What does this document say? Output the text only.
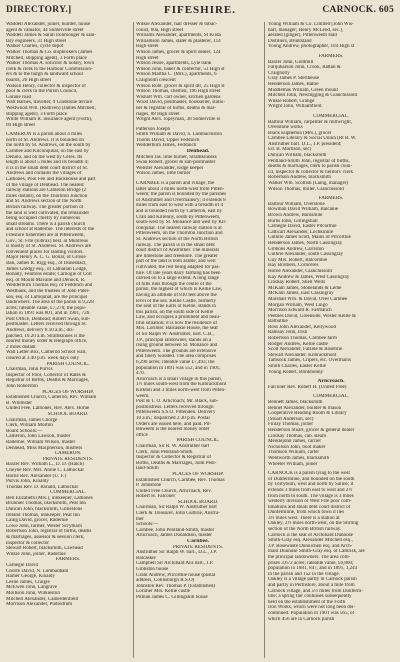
DIRECTORY.]	FIFESHIRE.	CARNOCK. 605
Waddell Alexander, joiner, builder, house
agent & valuator, 44 Somerville street
Waddell James & Sarah ironmonger & sani-
tary engineers, 31 High street
Walker Charles, cycle depot
Walker Thomas & Co. shipbrokers (James
Mitchell, shipping agent), 3 Forth place
Walker Thomas A. solicitor & notary, town
clerk & clerk to the Harbour Commission-
ers & to the burgh & landward school
boards, 26 High street
Watson Henry, collector & inspector of
poor & clerk to the Parish Council,
Garane road
Watt Barnes, traveller, 9 Gladstone terrace
Westwood Wm. (Ruthven) (James Mitchell,
shipping agent), 3 Forth place
White William R. insurance agent (Forth),
69 High street
CAMERON is a parish about 4 miles
north of St. Andrews. It is bounded on
the north by St. Andrews, on the south by
Carnbee and Kilconquhar, on the east by
Denino, and on the west by Ceres. Its
length is about 5 miles and its breadth 4;
it is in the small debt court district of St.
Andrews and contains the villages of
Lathones, Pool Fen and Backhouse and part
of the village of Denhead. The nearest
railway stations are Cameron Bridge (2
miles distant), on the Thornton Junction
and St. Andrews section of the North
British railway. The greater portion of
the land is well cultivated, the remainder
being occupied chiefly by numerous
small streams. There is a parish church
and school at Radernie. The interests of the
Fifeshire fishermen are at Pittenweem,
Gov., St. Fife (Eibrax) best. at Muntreus
is mostly of St. Andrews. St. Andrews are
convenient places for landing visitors.
Major Henry A. C. G. Bonar, of Grosie
stan, James R. Rigg esq., of Dunesnact,
James Gredgy esq., of Lathallan Lodge,
Bonally, Fenitons estate; Carnogie of Coll
esq. of Mould Mavalle and Denock, R.
Wedderburn Thomas esq. of Feddinch and
Westbank, and the trustees of John Pater-
son, esq. of Lumquhat, are the principal
landowners. The area of the parish is 9,228
acres; rateable value, £7,278; the popu-
lation in 1891 was 801, and in 1901, 726.
Post Office, Denhead; Robert Swan, sub-
postmaster. Letters received through St.
Andrews, delivery 8.10 a.m.; dis-
patched, 10.20 a.m. Strathkinnes is the
nearest money order & telegraph office,
2 miles distant
Wall Letter Box, Cameron School wall,
cleared at 3.40 p.m. week days only
PARISH COUNCIL.
Chairman, John Purvis
Inspector of Poor, Collector of Rates &
Registrar of Births, Deaths & Marriages,
John Roberston
PLACES OF WORSHIP.
Established Church, Cameron, Rev. William
B. Whimster
United Free, Lathones, Rev. Alex. Horne
SCHOOL BOARD.
Chairman, James Chorge
Clerk, William Morton
Board Schools:—
Cameron, John Lawson, master
Radernie, William Wilson, master
Denhead, Miss Macpherson, mistress
CAMERON.
PRIVATE RESIDENTS.
Baxter Rev. William L., D. D. (Hatch)
Cheyne Rev. Mrs. Annie C. Lathockar
Horne Rev. Alexander (U. F.)
Purvis John, Kinaldy
Thomas Rev. D. Ronald, Lathockar
COMMERCIAL.
Bell Elizabeth (Mrs.), innkeeper, Lathones
Brunnier Thomas, blacksmith, Peat Inn
Duncan John, blacksmith, Gilliestons
Ireland Thomas, innkeeper, Peat Inn
Laing David, grocer, Radernie
Lowe John, farmer, Wester Scrytharn
Robertson John, registrar of births, deaths
& marriages, assessor & session clerk,
inspector & collector
Stewart Robert, blacksmith, Lawhead
Wilkie John, joiner, Radernie
FARMERS.
Carnegie David
Chorre David, N. Lumbadham
Hamer George, Kinaldy
Leslie James, Craigie
McEwen John, Langrave
Mollison John, Wilkieston
Mitchell Alexander, Camerdenfield
Morrison Alexander, Pudlodrum
Wilkie Alexander, hair dresser & tobac-
conist, 60a, High street
Williams Alexander, apartments, St Kilda
Williamson James, slater & plasterer, 114
High street
Wilson James, grocer & spirit dealer, 124
High street
Wilson Jessie, apartments, Lyle bank
Wilson John, baker & confector, 53 High st
Wilson Martha C. (Mrs.), apartments, 6
Craigholm crescent
Wilson Robt. grocer & spirit dlr, 25 High st
Wilson Thomas, chemist, 106 High street
Wishart Wm. cart owner, kitchen gardens
Wood David, postmaster, bookseller, statio-
ner & registrar of births, deaths & mar-
riages, 88 High street
Wright Alex. ropeyman, 38 Somerville st
Patterson Joseph
Smith William & David, S. Lumbachiston
Thoms David, Upper Feddinch
Wedderburn James, Feddinch
Denhead.
Mitchell Jas. lime burner, Strathkinness
Swan Robert, grocer & sub-postmaster
Webster Alexander, lodge keeper
Wilson James, lime burner
CARNBEE is a parish and village, the
latter about 3 miles north-west from Pitten-
weem; the parish is bounded by the parishes
of Anstruther and Overmainsry; it extends 8
miles from east to west with a breadth of 4
and is bounded north by Cameron, east by
Crail and Kilrenny, south by Pittenweem,
south-west by St. Monance and west by Kil-
conquhar. The nearest railway station is at
Pittenweem, on the Thornton Junction and
St. Andrews section of the North British
railway. The parish is in the small debt
court district of Anstruther. The minerals
are limestone and freestone. The greater
part of the land is both arable, and well
cultivated, the rest being adapted for pas-
ture. Of late years dairy farming has been
carried on to a large extent. A long range
of hills runs through the centre of the
parish, the highest of which is Kellie Law,
having an altitude of 810 feet above the
level of the sea. Kellie Castle, formerly
the seat of the Earls of Kellie, stands in
this parish, on the south side of Kellie
Law, and occupies a prominent and beau-
tiful situation; it is now the residence of
Mrs. Lorimer. Balcaskie House, the seat
of Sir Ralph W. Anstruther, bart. C.B.,
J.P., principal landowner, stands on a
rising ground between St. Monance and
Pittenweem. The grounds are extensive
and finely wooded. The area comprises
6,296 acres; rateable value £7,493; the
population in 1891 was 552, and in 1901,
470.
Arncroach is a small village in this parish,
1½ miles south-west from the Kilbrackmont
Kirkton and 3 miles north-west from Pitten-
weem.
Post & T. O. Arncroach; Mr. Black, sub-
postmistress. Letters received through
Pittenweem S.S.O. Pittenden. Delivery
10 a.m.; dispatched 2.30 p.m. Postal
Orders are issued here, and paid. Pit-
tenweem is the nearest money order
office
PARISH COUNCIL.
Chairman, Sir R. W. Anstruther bart
Clerk, John Pentland-Smith
Inspector & Collector & Registrar of
Births, Deaths & Marriages, John Pent-
land-Smith
PLACES OF WORSHIP.
Established Church, Carnbee, Rev. Thomas
P. Johnstone
United Free Church, Arncroach, Rev.
Robert H. Falconer
SCHOOL BOARD.
Chairman, Sir Ralph W. Anstruther bart
Clerk & Treasurer, John Guthrie, Anstru-
ther
Schools:—
Carnbee, John Pentland-Smith, master
Arncroach, James Donaldson, master
Carnbee.
PRIVATE RESIDENTS.
Anstruther Sir Ralph W. bart., D.L., J.P.
Balcaskie
Campbell Sir Archibald Ava bart., J.P.
Gibliston house
Grant Andrew, Pitcorthie house (postal
address, Colinsburgh R.S.O)
Johnston Rev. Thomas P. (Established)
Lorimer Mrs. Kellie castle
Pitman James C. Gillingshill house
Young William & Co. Limited (John Wis-
hart, manager; Henry McLeod, sec.),
aerated (ginger), Pittenweem Hall
Distillers, Bruntsland
Young Andrew, photographer, 104 High st
FARMERS.
Baxter John, Goldmill
Farquharson John, Crook, Rattan &
Craigholly
Gray James P. Sterlheuse
Henderson James, Baltie
Middlemas William, Green mount
Mitchell John, Newbigging & Gianchissold
Wilkie Robert, Grange
Wright John, Williamfield
COMMERCIAL.
Balfour William, carpenter & millwright,
Overstone works
Black Euphemia (Mrs.), grocer
Carnbee Literary & Social Union (Rt R. W.
Anstruther bart. D.L., J.P. president;
Ed. B. Martison, sec)
Duncan William, blacksmith
Pentland-Smith John, registrar of births,
deaths & marriages, clerk to parish coun-
cil, inspector & collector & heritors' clerk
Robertson Andrew, blacksmith
Walker Wm. Scottish (Laing, manager)
Wilson Thomas, miller, Gianchissold
FARMERS.
Balfour William, Overstone
Bowman David William, Balcanie
Brown Andrew, Barnsmile
Burns John, Gillingshall
Carnegie David, Easter Pitcorthie
Cathcart Alexander, Lochkinnie
Guthrie James Scott, Mains of Pitcorthie
Henderson James, North Cassingray
Gibbons Andrew, Carriston
Guthrie Alexander, south Cassingray
Guy Mrs. Robert, Balcombie
Hay Brothers, Cornceres
Horne Alexander, Gianchissold
Kay Andrew & James, West Cassingray
Lindsay Robert, Sheil Wells
McKain James, Stonelands & Leme
McKain James, East Cassingray
Marshall Wm. & David, Over Carnbee
Morgan William, West Lingo
Morrison Edward R. Falrbanch
Peebles David, Greenside, Wester Kellie &
Balbuthie
Ross John Alexander, Kellywood
Ramsay John, Irish
Robertson Thomas, Carnbee farm
Rodger Andrew, Kellie castle
Scott Alexander, Falside & Rosebrie
Stewart Alexander, Kilbrackmont
Tamsock James, Cripers, etc. Overmains
Smith Charles, Easter Kellie
Young Robert, Blinkbonny
Arncroach.
Falconer Rev. Robert H. (United Free)
COMMERCIAL.
Bennett James, blacksmith
Bennet Alexander, builder & mason
Cooperative Reading Room & Library
(Stuart Anderson, sec)
Finlay Thomas, joiner
Henderson Stuart, grocer & general dealer
Lindsay Thomas, cab. steam
Meiklejohn James, carrier
Nicholson John, boot maker
Thomson William, carter
Wentworth James, blacksmith
Wheeler William, joiner
CARNOCK is a parish lying to the west
of Dunfermline, and bounded on the south
by Torryburn, west and north by Saline; it
extends 3 miles from east to west and 2½
from north to south. The village is 3 miles
westerly division of West Fife poor com-
binations and small debt court district of
Dunfermline, from which town it lies
3½ miles west. There is a station at
Oakley, 2½ miles north-west, on the Stirling
section of the North British railway.
Carnock is the seat of Archibald Dunnose
Smith-Gray esq. Alexander Mitchell esq.,
J.P. Rosewaste Dunnichen esq. and Arch-
ibald Dunnose Smith-Gray esq. of Lathrisk, are
the principal landowners. The area com-
prises 3,672 acres; rateable value, £6,800;
population in 1881, 847, and in 1891, 1,243
in the parish and 152 in the village.
Oakley is a village partly in Carnock parish
and partly in Perthshire, about a mile from
Carnock village, and 5½ miles from Dunferm-
line; a spring fair continues subsequently
held on the establishment of the Forth
Iron Works, which were not long been dis-
continued. Population in 1901 was 565, of
which 456 are in Carnock parish
